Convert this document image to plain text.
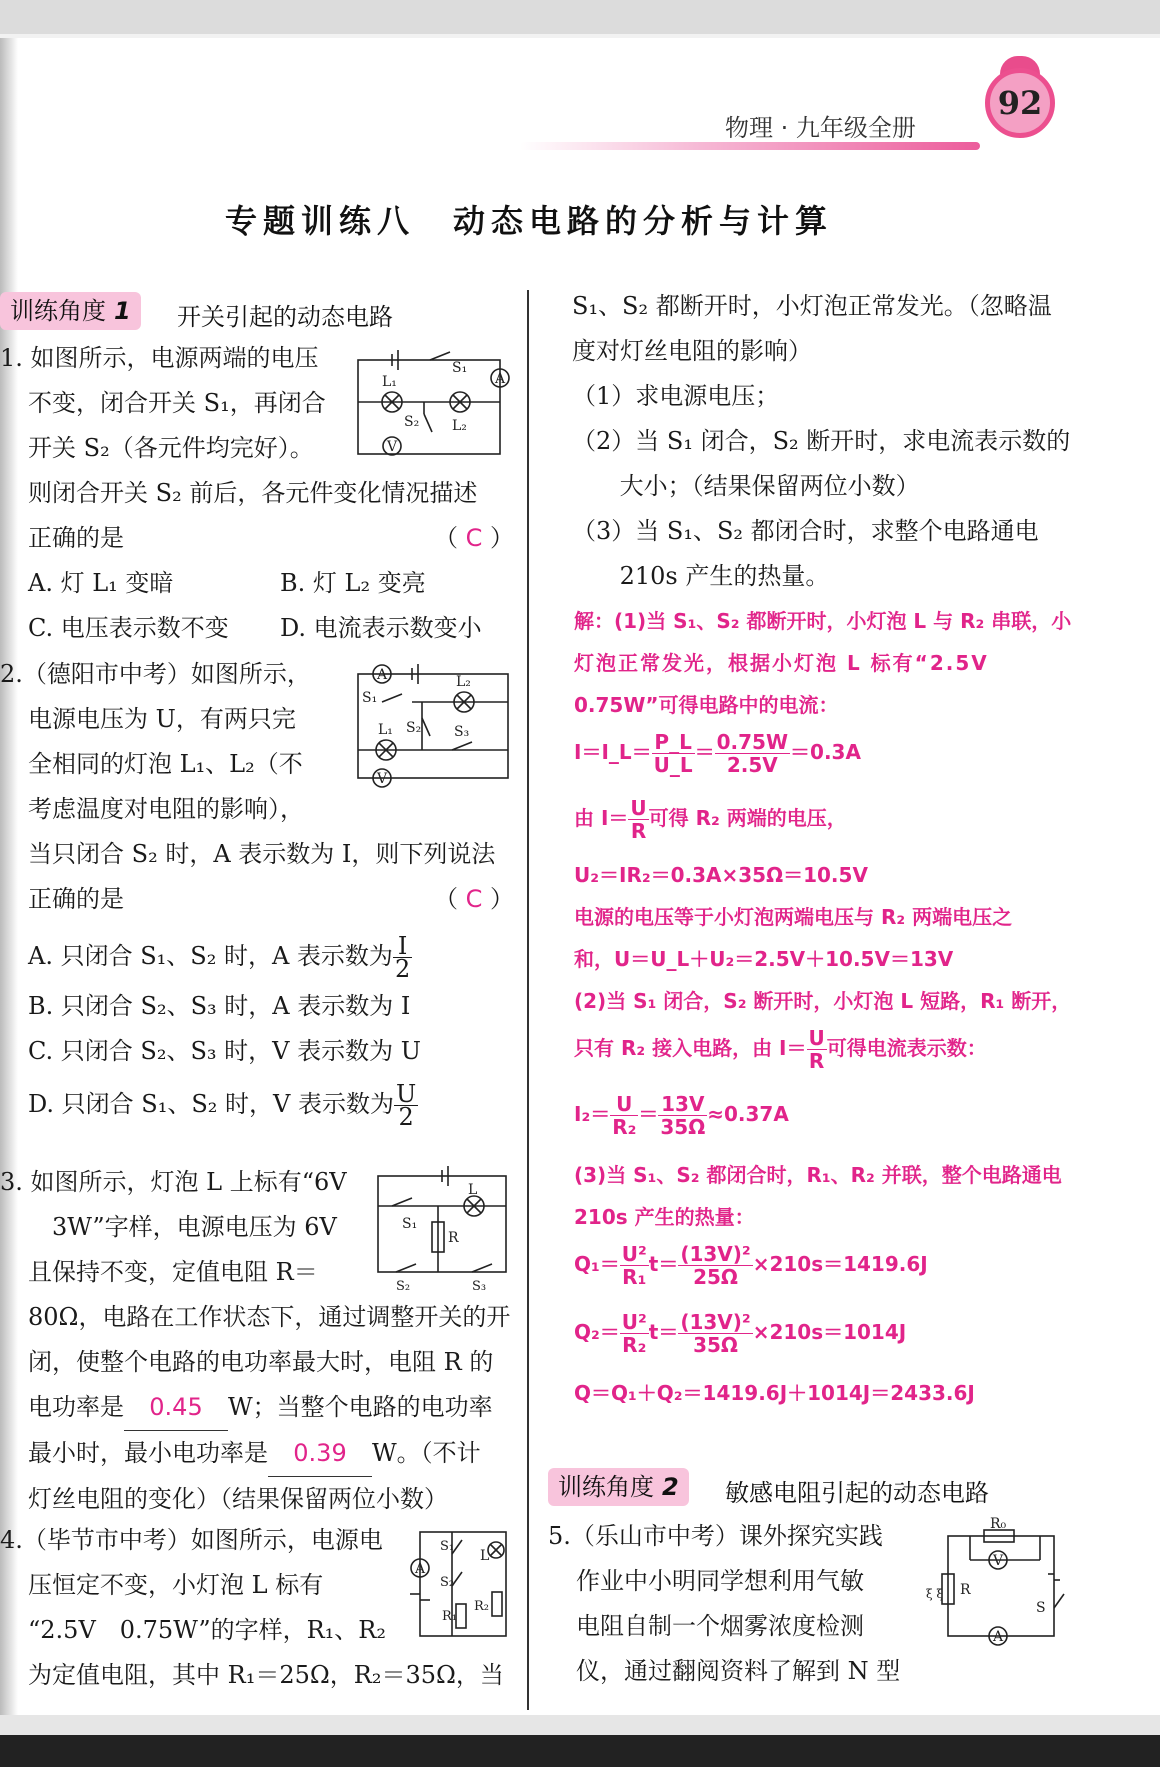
物理 · 九年级全册
92
专题训练八　动态电路的分析与计算
训练角度 1	开关引起的动态电路
1. 如图所示，电源两端的电压
不变，闭合开关 S₁，再闭合
开关 S₂（各元件均完好）。
则闭合开关 S₂ 前后，各元件变化情况描述
正确的是	（ C ）
A. 灯 L₁ 变暗	B. 灯 L₂ 变亮
C. 电压表示数不变 D. 电流表示数变小
S₁
A
L₁
L₂
S₂
V
2.（德阳市中考）如图所示，
电源电压为 U，有两只完
全相同的灯泡 L₁、L₂（不
考虑温度对电阻的影响），
当只闭合 S₂ 时，A 表示数为 I，则下列说法
正确的是	（ C ）
A. 只闭合 S₁、S₂ 时，A 表示数为 $\frac{I}{2}$
B. 只闭合 S₂、S₃ 时，A 表示数为 I
C. 只闭合 S₂、S₃ 时，V 表示数为 U
D. 只闭合 S₁、S₂ 时，V 表示数为 $\frac{U}{2}$
A
S₁
L₂
S₂
L₁	S₃
V
3. 如图所示，灯泡 L 上标有“6V
3W”字样，电源电压为 6V
且保持不变，定值电阻 R＝
80Ω，电路在工作状态下，通过调整开关的开
闭，使整个电路的电功率最大时，电阻 R 的
电功率是 0.45 W；当整个电路的电功率
最小时，最小电功率是 0.39 W。（不计
灯丝电阻的变化）（结果保留两位小数）
S₁
L
R
S₂	S₃
4.（毕节市中考）如图所示，电源电
压恒定不变，小灯泡 L 标有
“2.5V　0.75W”的字样，R₁、R₂
为定值电阻，其中 R₁＝25Ω，R₂＝35Ω，当
A
S₁
S₂
L
R₁
R₂
S₁、S₂ 都断开时，小灯泡正常发光。（忽略温
度对灯丝电阻的影响）
（1）求电源电压；
（2）当 S₁ 闭合，S₂ 断开时，求电流表示数的
　 大小；（结果保留两位小数）
（3）当 S₁、S₂ 都闭合时，求整个电路通电
　 210s 产生的热量。
解：(1)当 S₁、S₂ 都断开时，小灯泡 L 与 R₂ 串联，小
灯泡正常发光，根据小灯泡 L 标有“2.5V
0.75W”可得电路中的电流：
I＝I_L＝ $\frac{P\_L}{U\_L} = \frac{0.75W}{2.5V} =0.3A$
由 $I= \frac{U}{R}$ 可得 R₂ 两端的电压，
U₂＝IR₂＝0.3A×35Ω＝10.5V
电源的电压等于小灯泡两端电压与 R₂ 两端电压之
和，U＝U_L＋U₂＝2.5V＋10.5V＝13V
(2)当 S₁ 闭合，S₂ 断开时，小灯泡 L 短路，R₁ 断开，
只有 R₂ 接入电路，由 $I= \frac{U}{R}$ 可得电流表示数：
$I_2= \frac{U}{\text{R₂}} = \frac{13V}{35\Omega} \approx 0.37A$
(3)当 S₁、S₂ 都闭合时，R₁、R₂ 并联，整个电路通电
210s 产生的热量：
$Q_1= \frac{\text{U²}}{\text{R₁}} t= \frac{\text{(13V)²}}{25\Omega} \times 210s=1419.6J$
$Q_2= \frac{\text{U²}}{\text{R₂}} t= \frac{\text{(13V)²}}{35\Omega} \times 210s=1014J$
Q＝Q₁＋Q₂＝1419.6J＋1014J＝2433.6J
训练角度 2	敏感电阻引起的动态电路
5.（乐山市中考）课外探究实践
作业中小明同学想利用气敏
电阻自制一个烟雾浓度检测
仪，通过翻阅资料了解到 N 型
R₀
V
R
ξ ξ
S
A
